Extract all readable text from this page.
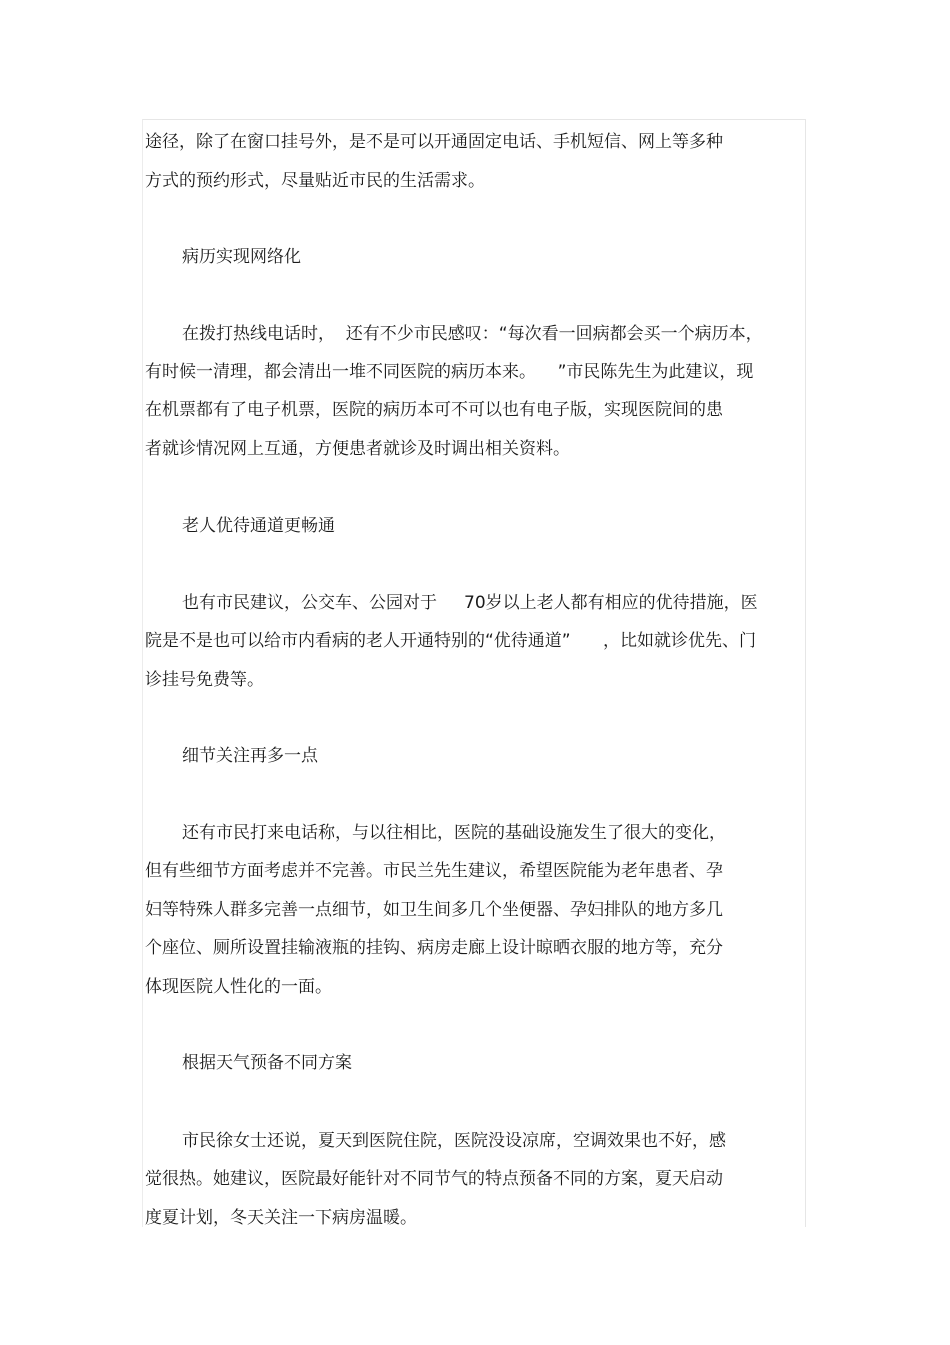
途径，除了在窗口挂号外，是不是可以开通固定电话、手机短信、网上等多种

方式的预约形式，尽量贴近市民的生活需求。

病历实现网络化

在拨打热线电话时，  还有不少市民感叹：“每次看一回病都会买一个病历本，

有时候一清理，都会清出一堆不同医院的病历本来。    ”市民陈先生为此建议，现

在机票都有了电子机票，医院的病历本可不可以也有电子版，实现医院间的患

者就诊情况网上互通，方便患者就诊及时调出相关资料。

老人优待通道更畅通

也有市民建议，公交车、公园对于     70岁以上老人都有相应的优待措施，医

院是不是也可以给市内看病的老人开通特别的“优待通道”      ，比如就诊优先、门

诊挂号免费等。

细节关注再多一点

还有市民打来电话称，与以往相比，医院的基础设施发生了很大的变化，

但有些细节方面考虑并不完善。市民兰先生建议，希望医院能为老年患者、孕

妇等特殊人群多完善一点细节，如卫生间多几个坐便器、孕妇排队的地方多几

个座位、厕所设置挂输液瓶的挂钩、病房走廊上设计晾晒衣服的地方等，充分

体现医院人性化的一面。

根据天气预备不同方案

市民徐女士还说，夏天到医院住院，医院没设凉席，空调效果也不好，感

觉很热。她建议，医院最好能针对不同节气的特点预备不同的方案，夏天启动

度夏计划，冬天关注一下病房温暖。
